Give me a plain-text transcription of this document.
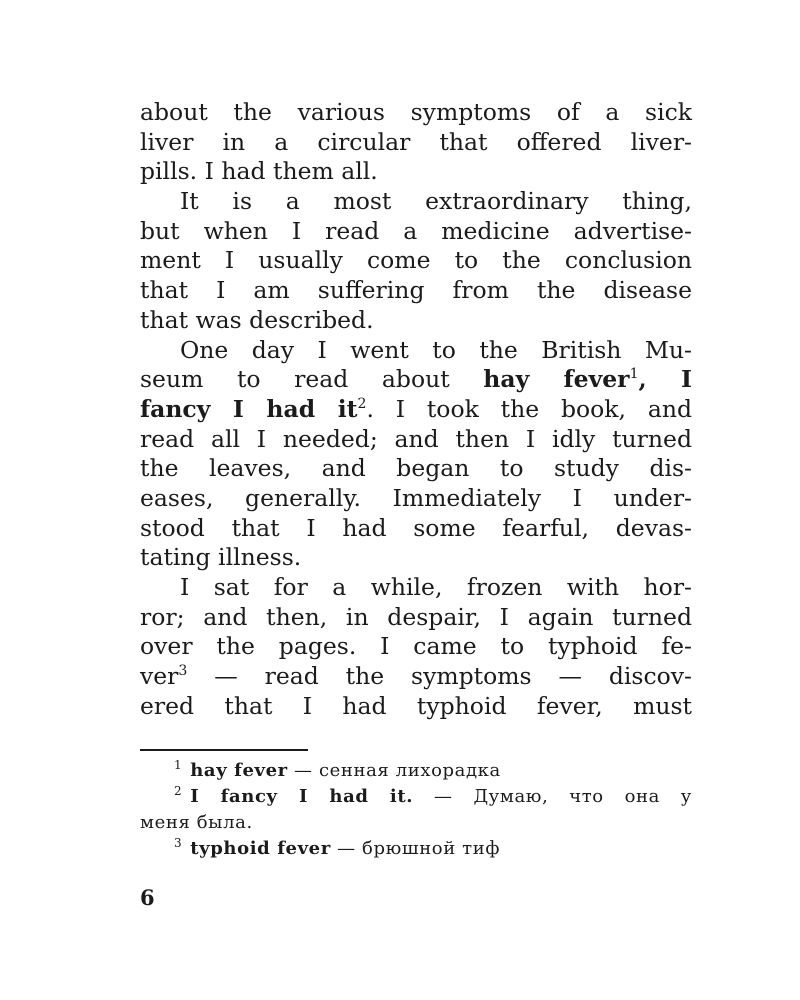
about the various symptoms of a sick
liver in a circular that offered liver-
pills. I had them all.
It is a most extraordinary thing,
but when I read a medicine advertise-
ment I usually come to the conclusion
that I am suffering from the disease
that was described.
One day I went to the British Mu-
seum to read about hay fever$^1$, I
fancy I had $it^2$. I took the book, and
read all I needed; and then I idly turned
the leaves, and began to study dis-
eases, generally. Immediately I under-
stood that I had some fearful, devas-
tating illness.
I sat for a while, frozen with hor-
ror; and then, in despair, I again turned
over the pages. I came to typhoid fe-
ver$^3$ — read the symptoms — discov-
ered that I had typhoid fever, must
$^1$ hay fever — сенная лихорадка
$^2$ I fancy I had it. — Думаю, что она у
меня была.
$^3$ typhoid fever — брюшной тиф
6
